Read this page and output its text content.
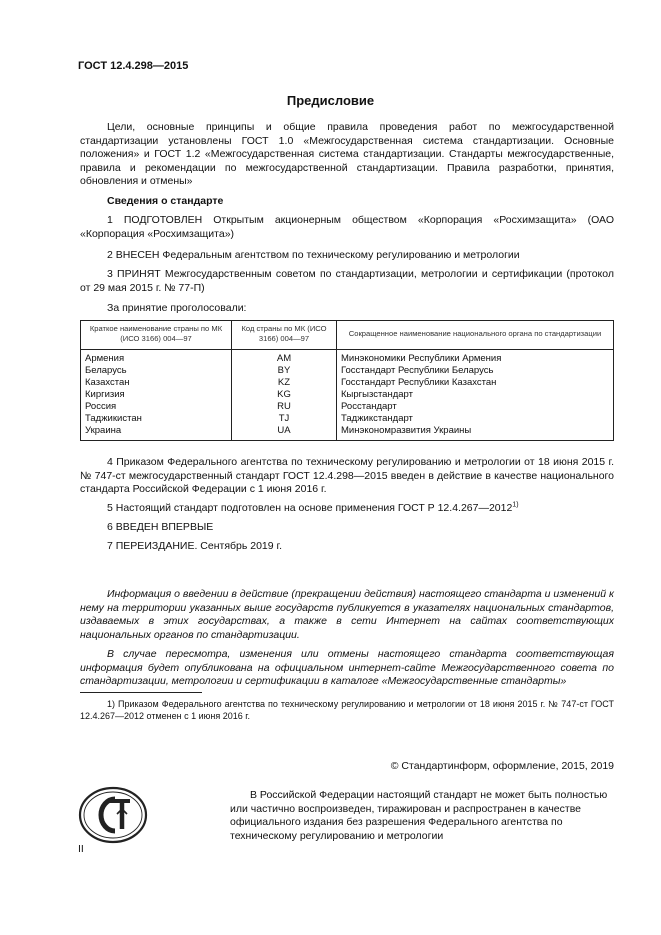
ГОСТ 12.4.298—2015
Предисловие

Цели, основные принципы и общие правила проведения работ по межгосударственной стандартизации установлены ГОСТ 1.0 «Межгосударственная система стандартизации. Основные положения» и ГОСТ 1.2 «Межгосударственная система стандартизации. Стандарты межгосударственные, правила и рекомендации по межгосударственной стандартизации. Правила разработки, принятия, обновления и отмены»

Сведения о стандарте

1 ПОДГОТОВЛЕН Открытым акционерным обществом «Корпорация «Росхимзащита» (ОАО «Корпорация «Росхимзащита»)

2 ВНЕСЕН Федеральным агентством по техническому регулированию и метрологии

3 ПРИНЯТ Межгосударственным советом по стандартизации, метрологии и сертификации (протокол от 29 мая 2015 г. № 77-П)

За принятие проголосовали:

Краткое наименование страны по МК (ИСО 3166) 004—97	Код страны по МК (ИСО 3166) 004—97	Сокращенное наименование национального органа по стандартизации
Армения	AM	Минэкономики Республики Армения
Беларусь	BY	Госстандарт Республики Беларусь
Казахстан	KZ	Госстандарт Республики Казахстан
Киргизия	KG	Кыргызстандарт
Россия	RU	Росстандарт
Таджикистан	TJ	Таджикстандарт
Украина	UA	Минэкономразвития Украины

4 Приказом Федерального агентства по техническому регулированию и метрологии от 18 июня 2015 г. № 747-ст межгосударственный стандарт ГОСТ 12.4.298—2015 введен в действие в качестве национального стандарта Российской Федерации с 1 июня 2016 г.

5 Настоящий стандарт подготовлен на основе применения ГОСТ Р 12.4.267—2012$^{1)}$

6 ВВЕДЕН ВПЕРВЫЕ

7 ПЕРЕИЗДАНИЕ. Сентябрь 2019 г.

Информация о введении в действие (прекращении действия) настоящего стандарта и изменений к нему на территории указанных выше государств публикуется в указателях национальных стандартов, издаваемых в этих государствах, а также в сети Интернет на сайтах соответствующих национальных органов по стандартизации.

В случае пересмотра, изменения или отмены настоящего стандарта соответствующая информация будет опубликована на официальном интернет-сайте Межгосударственного совета по стандартизации, метрологии и сертификации в каталоге «Межгосударственные стандарты»

1) Приказом Федерального агентства по техническому регулированию и метрологии от 18 июня 2015 г. № 747-ст ГОСТ 12.4.267—2012 отменен с 1 июня 2016 г.

© Стандартинформ, оформление, 2015, 2019

В Российской Федерации настоящий стандарт не может быть полностью или частично воспроизведен, тиражирован и распространен в качестве официального издания без разрешения Федерального агентства по техническому регулированию и метрологии

II
